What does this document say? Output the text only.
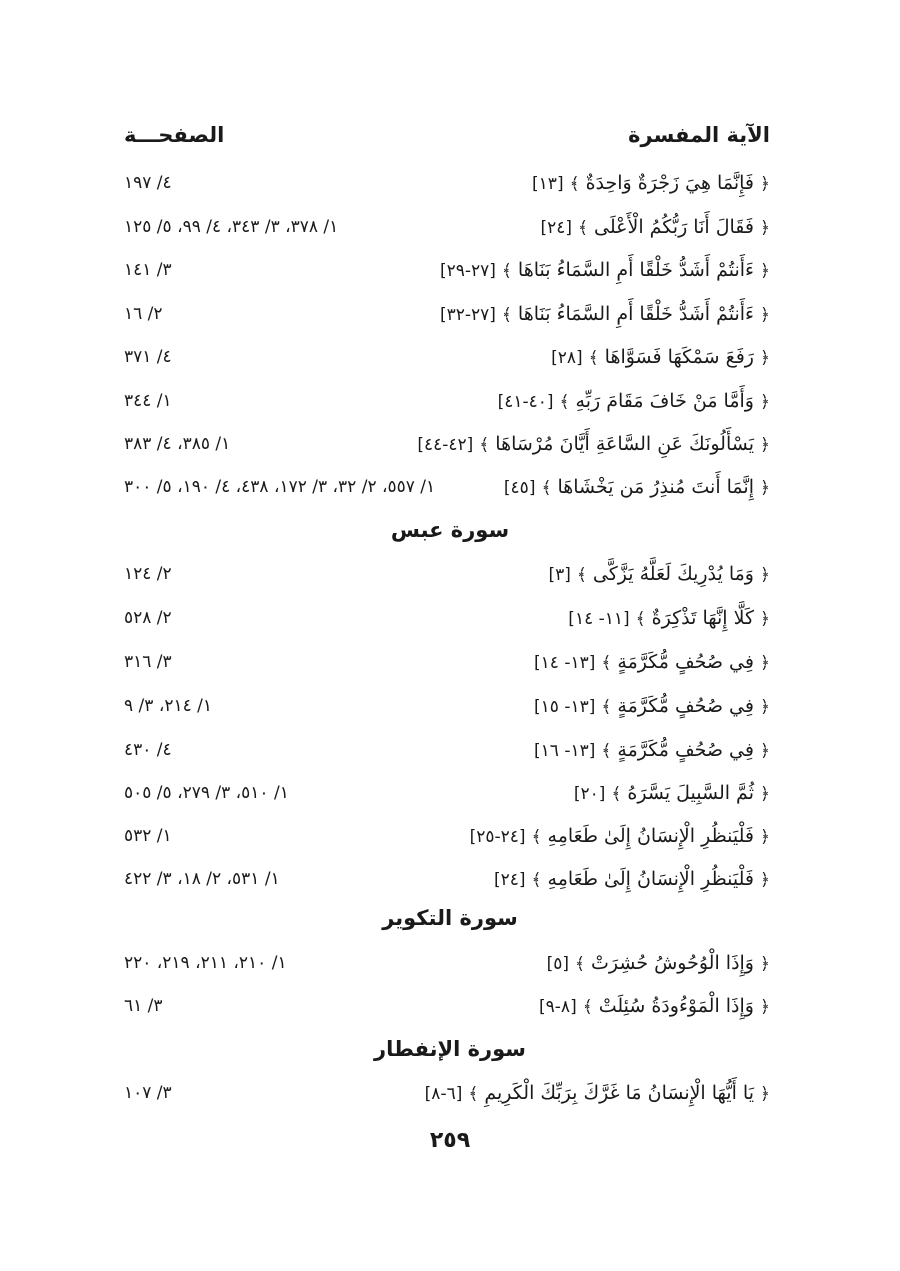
الآية المفسرة
الصفحـــة
﴿ فَإِنَّمَا هِيَ زَجْرَةٌ وَاحِدَةٌ ﴾[١٣]
٤/ ١٩٧
﴿ فَقَالَ أَنَا رَبُّكُمُ الْأَعْلَى ﴾[٢٤]
١/ ٣٧٨، ٣/ ٣٤٣، ٤/ ٩٩، ٥/ ١٢٥
﴿ ءَأَنتُمْ أَشَدُّ خَلْقًا أَمِ السَّمَاءُ بَنَاهَا ﴾[٢٧-٢٩]
٣/ ١٤١
﴿ ءَأَنتُمْ أَشَدُّ خَلْقًا أَمِ السَّمَاءُ بَنَاهَا ﴾[٢٧-٣٢]
٢/ ١٦
﴿ رَفَعَ سَمْكَهَا فَسَوَّاهَا ﴾[٢٨]
٤/ ٣٧١
﴿ وَأَمَّا مَنْ خَافَ مَقَامَ رَبِّهِ ﴾[٤٠-٤١]
١/ ٣٤٤
﴿ يَسْأَلُونَكَ عَنِ السَّاعَةِ أَيَّانَ مُرْسَاهَا ﴾[٤٢-٤٤]
١/ ٣٨٥، ٤/ ٣٨٣
﴿ إِنَّمَا أَنتَ مُنذِرُ مَن يَخْشَاهَا ﴾[٤٥]
١/ ٥٥٧، ٢/ ٣٢، ٣/ ١٧٢، ٤٣٨، ٤/ ١٩٠، ٥/ ٣٠٠
سورة عبس
﴿ وَمَا يُدْرِيكَ لَعَلَّهُ يَزَّكَّى ﴾[٣]
٢/ ١٢٤
﴿ كَلَّا إِنَّهَا تَذْكِرَةٌ ﴾[١١- ١٤]
٢/ ٥٢٨
﴿ فِي صُحُفٍ مُّكَرَّمَةٍ ﴾[١٣- ١٤]
٣/ ٣١٦
﴿ فِي صُحُفٍ مُّكَرَّمَةٍ ﴾[١٣- ١٥]
١/ ٢١٤، ٣/ ٩
﴿ فِي صُحُفٍ مُّكَرَّمَةٍ ﴾[١٣- ١٦]
٤/ ٤٣٠
﴿ ثُمَّ السَّبِيلَ يَسَّرَهُ ﴾[٢٠]
١/ ٥١٠، ٣/ ٢٧٩، ٥/ ٥٠٥
﴿ فَلْيَنظُرِ الْإِنسَانُ إِلَىٰ طَعَامِهِ ﴾[٢٤-٢٥]
١/ ٥٣٢
﴿ فَلْيَنظُرِ الْإِنسَانُ إِلَىٰ طَعَامِهِ ﴾[٢٤]
١/ ٥٣١، ٢/ ١٨، ٣/ ٤٢٢
سورة التكوير
﴿ وَإِذَا الْوُحُوشُ حُشِرَتْ ﴾[٥]
١/ ٢١٠، ٢١١، ٢١٩، ٢٢٠
﴿ وَإِذَا الْمَوْءُودَةُ سُئِلَتْ ﴾[٨-٩]
٣/ ٦١
سورة الإنفطار
﴿ يَا أَيُّهَا الْإِنسَانُ مَا غَرَّكَ بِرَبِّكَ الْكَرِيمِ ﴾[٦-٨]
٣/ ١٠٧
٢٥٩
